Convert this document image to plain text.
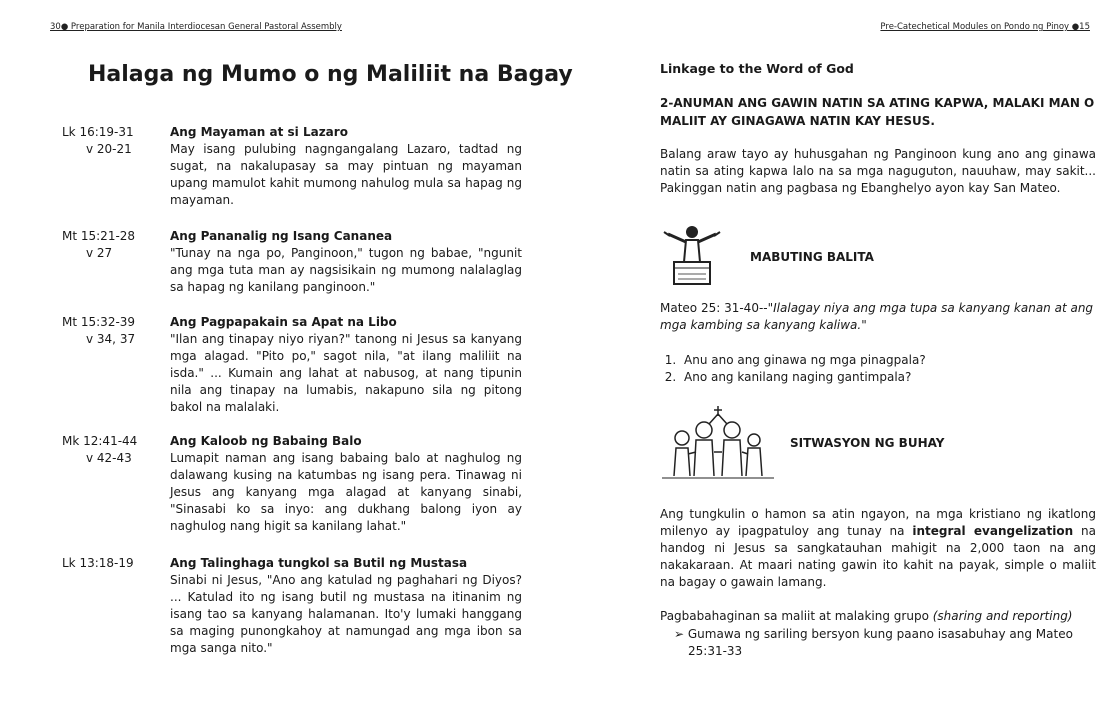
30● Preparation for Manila Interdiocesan General Pastoral Assembly
Halaga ng Mumo o ng Maliliit na Bagay
Lk 16:19-31
v 20-21
Ang Mayaman at si Lazaro
May isang pulubing nagngangalang Lazaro, tadtad ng sugat, na nakalupasay sa may pintuan ng mayaman upang mamulot kahit mumong nahulog mula sa hapag ng mayaman.
Mt 15:21-28
v 27
Ang Pananalig ng Isang Cananea
"Tunay na nga po, Panginoon," tugon ng babae, "ngunit ang mga tuta man ay nagsisikain ng mumong nalalaglag sa hapag ng kanilang panginoon."
Mt 15:32-39
v 34, 37
Ang Pagpapakain sa Apat na Libo
"Ilan ang tinapay niyo riyan?" tanong ni Jesus sa kanyang mga alagad. "Pito po," sagot nila, "at ilang maliliit na isda." ... Kumain ang lahat at nabusog, at nang tipunin nila ang tinapay na lumabis, nakapuno sila ng pitong bakol na malalaki.
Mk 12:41-44
v 42-43
Ang Kaloob ng Babaing Balo
Lumapit naman ang isang babaing balo at naghulog ng dalawang kusing na katumbas ng isang pera. Tinawag ni Jesus ang kanyang mga alagad at kanyang sinabi, "Sinasabi ko sa inyo: ang dukhang balong iyon ay naghulog nang higit sa kanilang lahat."
Lk 13:18-19	Ang Talinghaga tungkol sa Butil ng Mustasa
Sinabi ni Jesus, "Ano ang katulad ng paghahari ng Diyos? ... Katulad ito ng isang butil ng mustasa na itinanim ng isang tao sa kanyang halamanan. Ito'y lumaki hanggang sa maging punongkahoy at namungad ang mga ibon sa mga sanga nito."
Pre-Catechetical Modules on Pondo ng Pinoy ●15
Linkage to the Word of God
2-ANUMAN ANG GAWIN NATIN SA ATING KAPWA, MALAKI MAN O MALIIT AY GINAGAWA NATIN KAY HESUS.
Balang araw tayo ay huhusgahan ng Panginoon kung ano ang ginawa natin sa ating kapwa lalo na sa mga naguguton, nauuhaw, may sakit... Pakinggan natin ang pagbasa ng Ebanghelyo ayon kay San Mateo.
MABUTING BALITA
Mateo 25: 31-40--"Ilalagay niya ang mga tupa sa kanyang kanan at ang mga kambing sa kanyang kaliwa."
1. Anu ano ang ginawa ng mga pinagpala?
2. Ano ang kanilang naging gantimpala?
SITWASYON NG BUHAY
Ang tungkulin o hamon sa atin ngayon, na mga kristiano ng ikatlong milenyo ay ipagpatuloy ang tunay na integral evangelization na handog ni Jesus sa sangkatauhan mahigit na 2,000 taon na ang nakakaraan. At maari nating gawin ito kahit na payak, simple o maliit na bagay o gawain lamang.
Pagbabahaginan sa maliit at malaking grupo (sharing and reporting)
➢ Gumawa ng sariling bersyon kung paano isasabuhay ang Mateo 25:31-33
